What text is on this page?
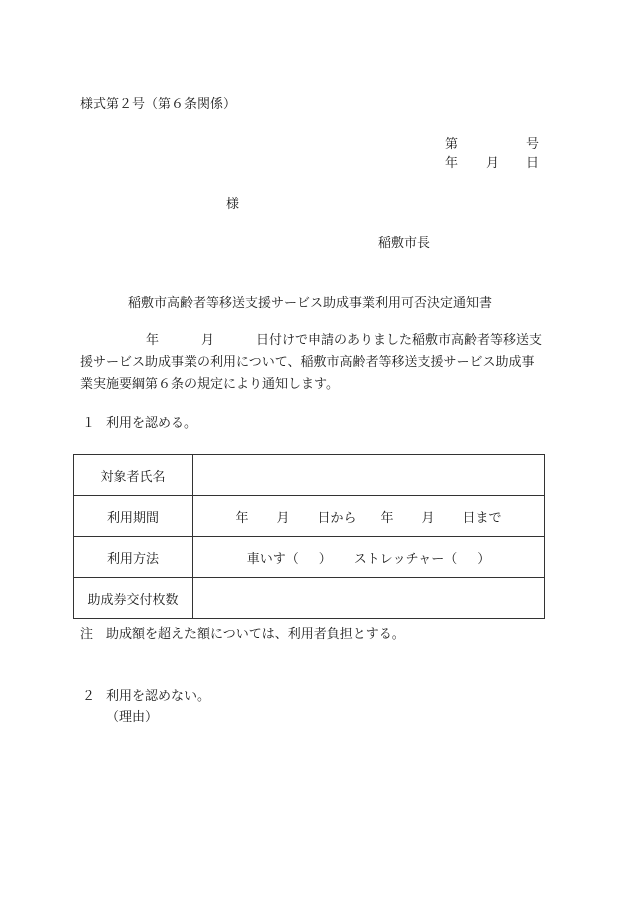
様式第２号（第６条関係）
第	号
年 月 日
様
稲敷市長
稲敷市高齢者等移送支援サービス助成事業利用可否決定通知書
年	月	日付けで申請のありました稲敷市高齢者等移送支
援サービス助成事業の利用について、稲敷市高齢者等移送支援サービス助成事
業実施要綱第６条の規定により通知します。
１ 利用を認める。
対象者氏名	
利用期間	年 月 日から 年 月 日まで
利用方法	車いす（ ） ストレッチャー（ ）
助成券交付枚数	
注 助成額を超えた額については、利用者負担とする。
２ 利用を認めない。
（理由）
